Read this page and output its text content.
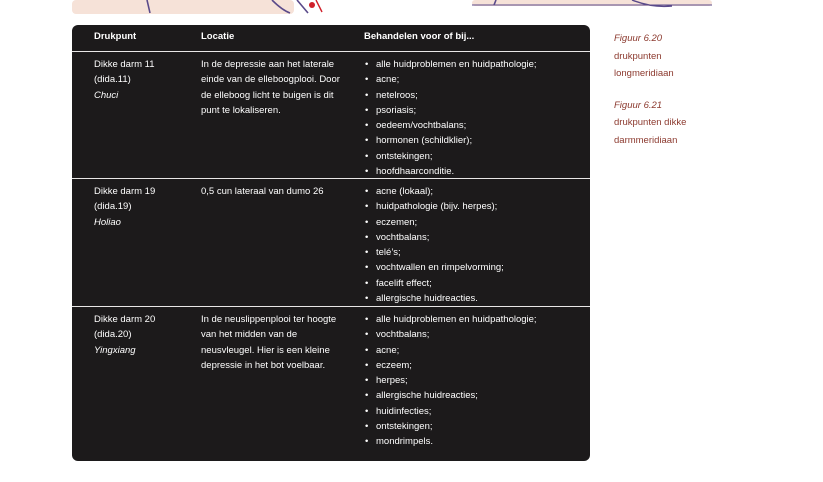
Drukpunt	Locatie	Behandelen voor of bij...
Dikke darm 11
(dida.11)
Chuci
In de depressie aan het laterale einde van de elleboogplooi. Door de elleboog licht te buigen is dit punt te lokaliseren.
• alle huidproblemen en huidpathologie;
• acne;
• netelroos;
• psoriasis;
• oedeem/vochtbalans;
• hormonen (schildklier);
• ontstekingen;
• hoofdhaarconditie.
Dikke darm 19
(dida.19)
Holiao
0,5 cun lateraal van dumo 26
•	acne (lokaal);
• huidpathologie (bijv. herpes);
• eczemen;
• vochtbalans;
• telé’s;
• vochtwallen en rimpelvorming;
• facelift effect;
• allergische huidreacties.
Dikke darm 20
(dida.20)
Yingxiang
In de neuslippenplooi ter hoogte van het midden van de neusvleugel. Hier is een kleine depressie in het bot voelbaar.
• alle huidproblemen en huidpathologie;
• vochtbalans;
• acne;
• eczeem;
• herpes;
• allergische huidreacties;
• huidinfecties;
• ontstekingen;
• mondrimpels.
Figuur 6.20
drukpunten
longmeridiaan
Figuur 6.21
drukpunten dikke
darmmeridiaan
